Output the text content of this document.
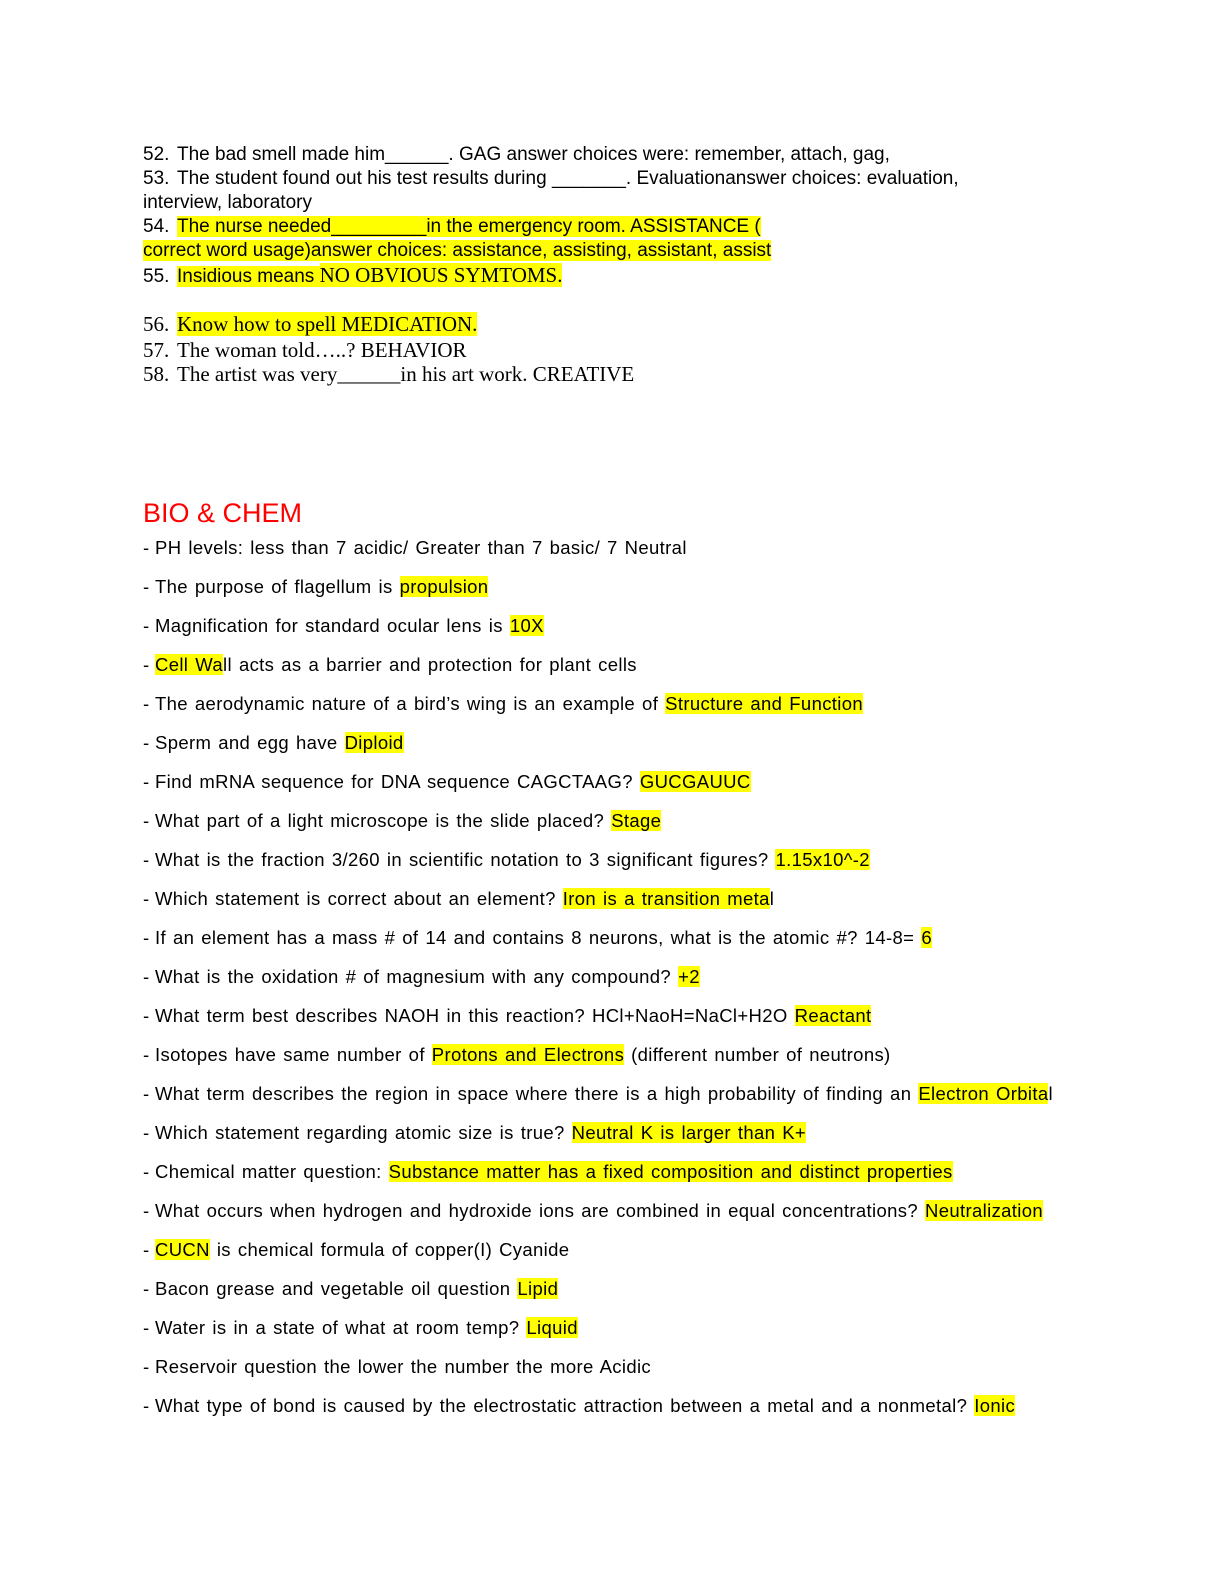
52. The bad smell made him______. GAG answer choices were: remember, attach, gag,
53. The student found out his test results during _______. Evaluationanswer choices: evaluation,
interview, laboratory
54. The nurse needed_________in the emergency room. ASSISTANCE (
correct word usage)answer choices: assistance, assisting, assistant, assist
55. Insidious means NO OBVIOUS SYMTOMS.
56. Know how to spell MEDICATION.
57. The woman told…..? BEHAVIOR
58. The artist was very______in his art work. CREATIVE
BIO & CHEM
- PH levels: less than 7 acidic/ Greater than 7 basic/ 7 Neutral
- The purpose of flagellum is propulsion
- Magnification for standard ocular lens is 10X
- Cell Wall acts as a barrier and protection for plant cells
- The aerodynamic nature of a bird’s wing is an example of Structure and Function
- Sperm and egg have Diploid
- Find mRNA sequence for DNA sequence CAGCTAAG? GUCGAUUC
- What part of a light microscope is the slide placed? Stage
- What is the fraction 3/260 in scientific notation to 3 significant figures? 1.15x10^-2
- Which statement is correct about an element? Iron is a transition metal
- If an element has a mass # of 14 and contains 8 neurons, what is the atomic #? 14-8= 6
- What is the oxidation # of magnesium with any compound? +2
- What term best describes NAOH in this reaction? HCl+NaoH=NaCl+H2O Reactant
- Isotopes have same number of Protons and Electrons (different number of neutrons)
- What term describes the region in space where there is a high probability of finding an Electron Orbital
- Which statement regarding atomic size is true? Neutral K is larger than K+
- Chemical matter question: Substance matter has a fixed composition and distinct properties
- What occurs when hydrogen and hydroxide ions are combined in equal concentrations? Neutralization
- CUCN is chemical formula of copper(I) Cyanide
- Bacon grease and vegetable oil question Lipid
- Water is in a state of what at room temp? Liquid
- Reservoir question the lower the number the more Acidic
- What type of bond is caused by the electrostatic attraction between a metal and a nonmetal? Ionic
